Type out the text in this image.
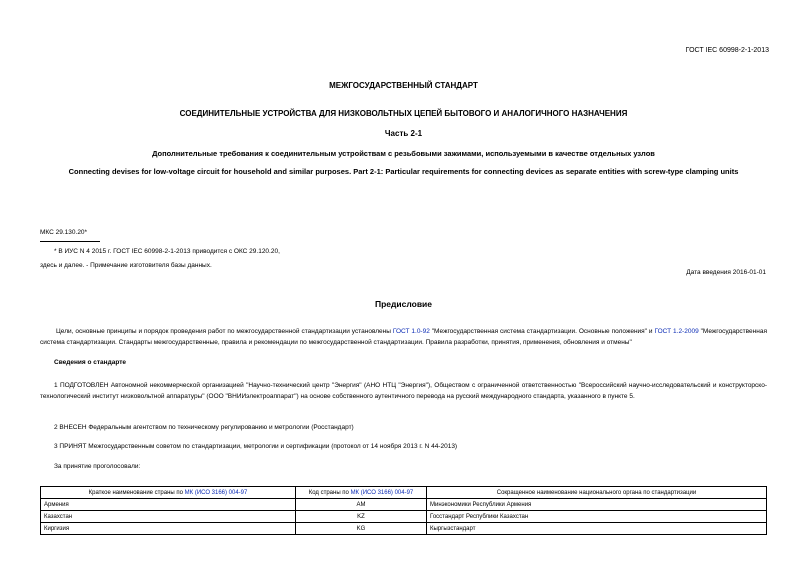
ГОСТ IEC 60998-2-1-2013
МЕЖГОСУДАРСТВЕННЫЙ СТАНДАРТ
СОЕДИНИТЕЛЬНЫЕ УСТРОЙСТВА ДЛЯ НИЗКОВОЛЬТНЫХ ЦЕПЕЙ БЫТОВОГО И АНАЛОГИЧНОГО НАЗНАЧЕНИЯ
Часть 2-1
Дополнительные требования к соединительным устройствам с резьбовыми зажимами, используемыми в качестве отдельных узлов
Connecting devises for low-voltage circuit for household and similar purposes. Part 2-1: Particular requirements for connecting devices as separate entities with screw-type clamping units
МКС 29.130.20*
* В ИУС N 4 2015 г. ГОСТ IEC 60998-2-1-2013 приводится с ОКС 29.120.20,
здесь и далее. - Примечание изготовителя базы данных.
Дата введения 2016-01-01
Предисловие
Цели, основные принципы и порядок проведения работ по межгосударственной стандартизации установлены ГОСТ 1.0-92 "Межгосударственная система стандартизации. Основные положения" и ГОСТ 1.2-2009 "Межгосударственная система стандартизации. Стандарты межгосударственные, правила и рекомендации по межгосударственной стандартизации. Правила разработки, принятия, применения, обновления и отмены"
Сведения о стандарте
1 ПОДГОТОВЛЕН Автономной некоммерческой организацией "Научно-технический центр "Энергия" (АНО НТЦ "Энергия"), Обществом с ограниченной ответственностью "Всероссийский научно-исследовательский и конструкторско-технологический институт низковольтной аппаратуры" (ООО "ВНИИэлектроаппарат") на основе собственного аутентичного перевода на русский международного стандарта, указанного в пункте 5.
2 ВНЕСЕН Федеральным агентством по техническому регулированию и метрологии (Росстандарт)
3 ПРИНЯТ Межгосударственным советом по стандартизации, метрологии и сертификации (протокол от 14 ноября 2013 г. N 44-2013)
За принятие проголосовали:
Краткое наименование страны по МК (ИСО 3166) 004-97	Код страны по МК (ИСО 3166) 004-97	Сокращенное наименование национального органа по стандартизации
Армения	AM	Минэкономики Республики Армения
Казахстан	KZ	Госстандарт Республики Казахстан
Киргизия	KG	Кыргызстандарт
